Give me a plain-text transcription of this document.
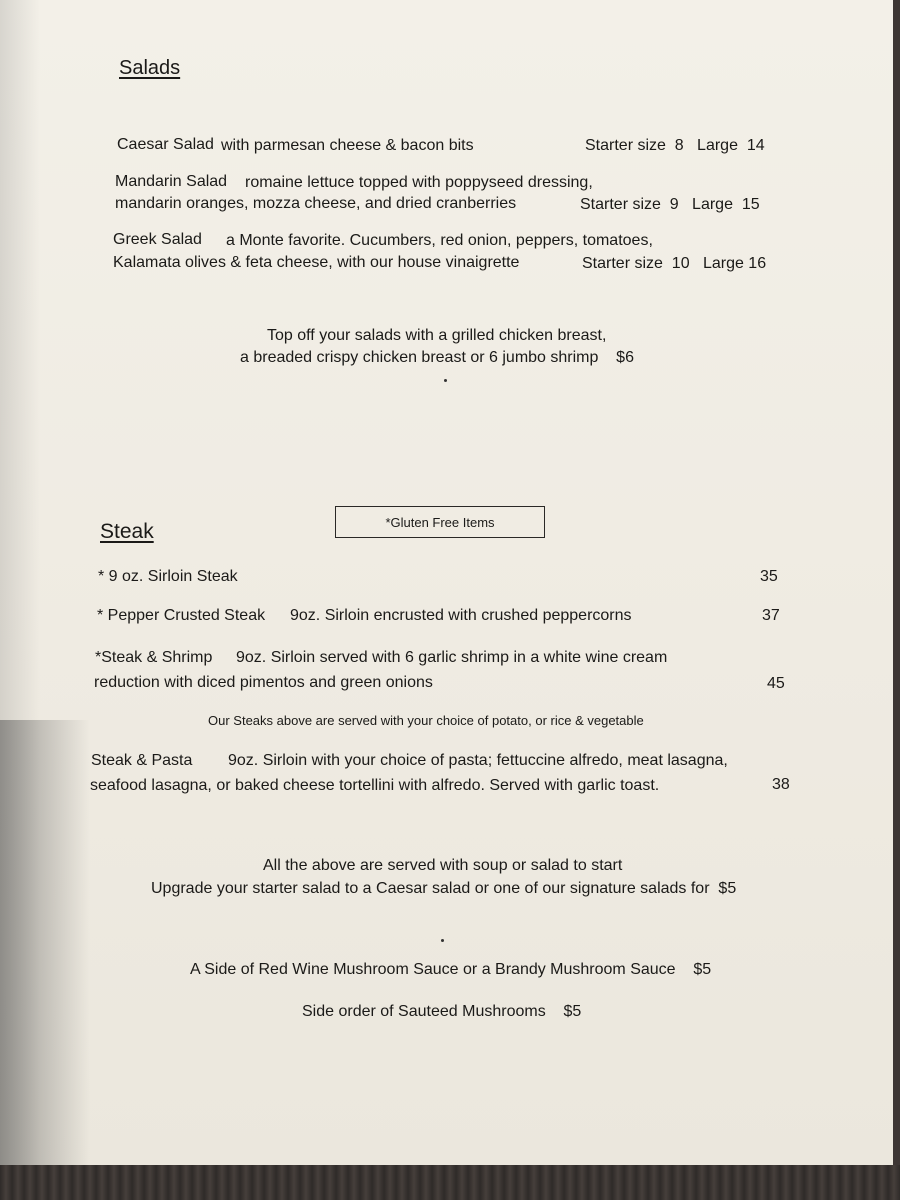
Salads
Caesar Salad with parmesan cheese & bacon bits	Starter size  8   Large  14
Mandarin Salad romaine lettuce topped with poppyseed dressing,
mandarin oranges, mozza cheese, and dried cranberries	Starter size  9   Large  15
Greek Salad a Monte favorite. Cucumbers, red onion, peppers, tomatoes,
Kalamata olives & feta cheese, with our house vinaigrette	Starter size  10   Large 16
Top off your salads with a grilled chicken breast,
a breaded crispy chicken breast or 6 jumbo shrimp    $6
Steak	*Gluten Free Items
* 9 oz. Sirloin Steak	35
* Pepper Crusted Steak 9oz. Sirloin encrusted with crushed peppercorns	37
*Steak & Shrimp 9oz. Sirloin served with 6 garlic shrimp in a white wine cream
reduction with diced pimentos and green onions	45
Our Steaks above are served with your choice of potato, or rice & vegetable
Steak & Pasta 9oz. Sirloin with your choice of pasta; fettuccine alfredo, meat lasagna,
seafood lasagna, or baked cheese tortellini with alfredo. Served with garlic toast.	38
All the above are served with soup or salad to start
Upgrade your starter salad to a Caesar salad or one of our signature salads for  $5
A Side of Red Wine Mushroom Sauce or a Brandy Mushroom Sauce    $5
Side order of Sauteed Mushrooms    $5
